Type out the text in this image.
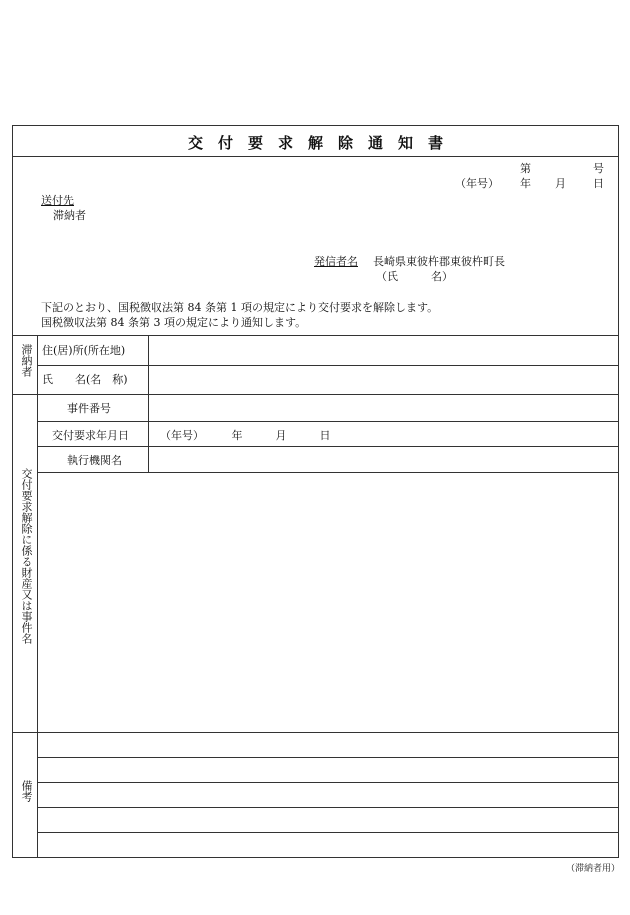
交　付　要　求　解　除　通　知　書
第	号
（年号） 年 月 日
送付先
滞納者
発信者名 長崎県東彼杵郡東彼杵町長
（氏　　　名）
下記のとおり、国税徴収法第 84 条第 1 項の規定により交付要求を解除します。
国税徴収法第 84 条第 3 項の規定により通知します。
滞納者 住(居)所(所在地)
氏　　名(名　称)
事件番号
交付要求年月日	（年号）　　　年　　　月　　　日
執行機関名
交付要求解除に係る財産又は事件名
備考
（滞納者用）
